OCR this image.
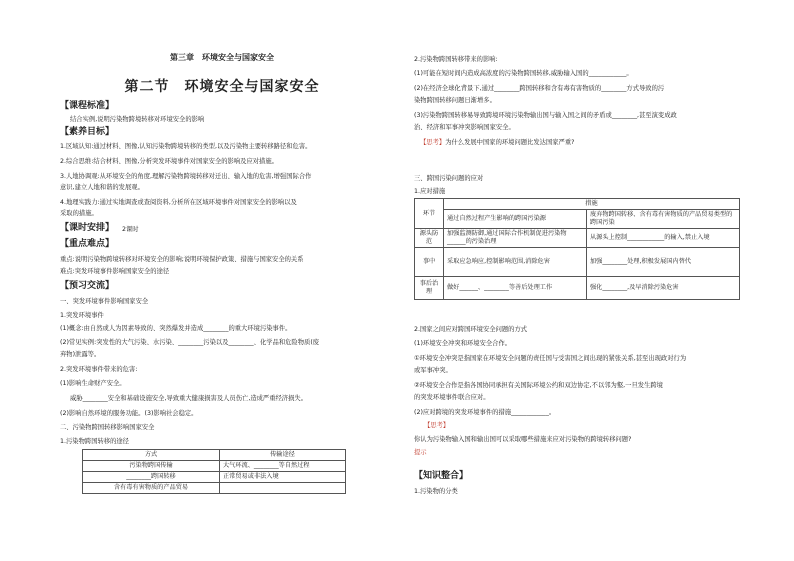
第三章　环境安全与国家安全
第二节　环境安全与国家安全
【课程标准】
结合实例,说明污染物跨境转移对环境安全的影响
【素养目标】
1.区域认知:通过材料、图像,认知污染物跨境转移的类型,以及污染物主要转移路径和危害。
2.综合思维:结合材料、图像,分析突发环境事件对国家安全的影响及应对措施。
3.人地协调观:从环境安全的角度,理解污染物跨境转移对迁出、输入地的危害,增强国际合作
意识,建立人地和谐的发展观。
4.地理实践力:通过实地调查或查阅资料,分析所在区域环境事件对国家安全的影响以及
采取的措施。
【课时安排】 2课时
【重点难点】
重点:说明污染物跨境转移对环境安全的影响;说明环境保护政策、措施与国家安全的关系
难点:突发环境事件影响国家安全的途径
【预习交流】
一、突发环境事件影响国家安全
1.突发环境事件
(1)概念:由自然或人为因素导致的、突然爆发并造成________的重大环境污染事件。
(2)常见实例:突发性的大气污染、水污染、________污染以及________、化学品和危险物质(废
弃物)泄露等。
2.突发环境事件带来的危害:
(1)影响生命财产安全。
威胁________安全和基础设施安全,导致重大健康损害及人员伤亡,造成严重经济损失。
(2)影响自然环境的服务功能。(3)影响社会稳定。
二、污染物跨国转移影响国家安全
1.污染物跨国转移的途径
方式	传输途径
污染物跨国传输	大气环流、________等自然过程
________跨国转移	正常贸易或非法入境
含有毒有害物质的产品贸易	
2.污染物跨国转移带来的影响:
(1)可能在短时间内造成高浓度的污染物跨国转移,威胁输入国的____________。
(2)在经济全球化背景下,通过________跨国转移和含有毒有害物质的________方式导致的污
染物跨国转移问题日渐增多。
(3)污染物跨国转移易导致跨境环境污染物输出国与输入国之间的矛盾或________,甚至演变成政
治、经济和军事冲突影响国家安全。
【思考】为什么发展中国家的环境问题比发达国家严重?
三、跨国污染问题的应对
1.应对措施
环节	措施	
	通过自然过程产生影响的跨国污染源	废弃物跨国转移、含有毒有害物质的产品贸易类型的跨国污染
源头防范	加强监测防御,通过国际合作机制促进污染物______的污染治理	从源头上控制____________的输入,禁止入境
事中	采取应急响应,控制影响范围,消除危害	加强________处理,积极发展国内替代
事后治理	做好______、________等善后处理工作	强化________,及早消除污染危害
2.国家之间应对跨国环境安全问题的方式
(1)环境安全冲突和环境安全合作。
①环境安全冲突是指国家在环境安全问题的责任国与受害国之间出现的紧张关系,甚至出现政对行为
或军事冲突。
②环境安全合作是指各国协同承担有关国际环境公约和双边协定,不以邻为壑,一旦发生跨境
的突发环境事件联合应对。
(2)应对跨境的突发环境事件的措施____________。
【思考】
你认为污染物输入国和输出国可以采取哪些措施来应对污染物的跨境转移问题?
提示
【知识整合】
1.污染物的分类
